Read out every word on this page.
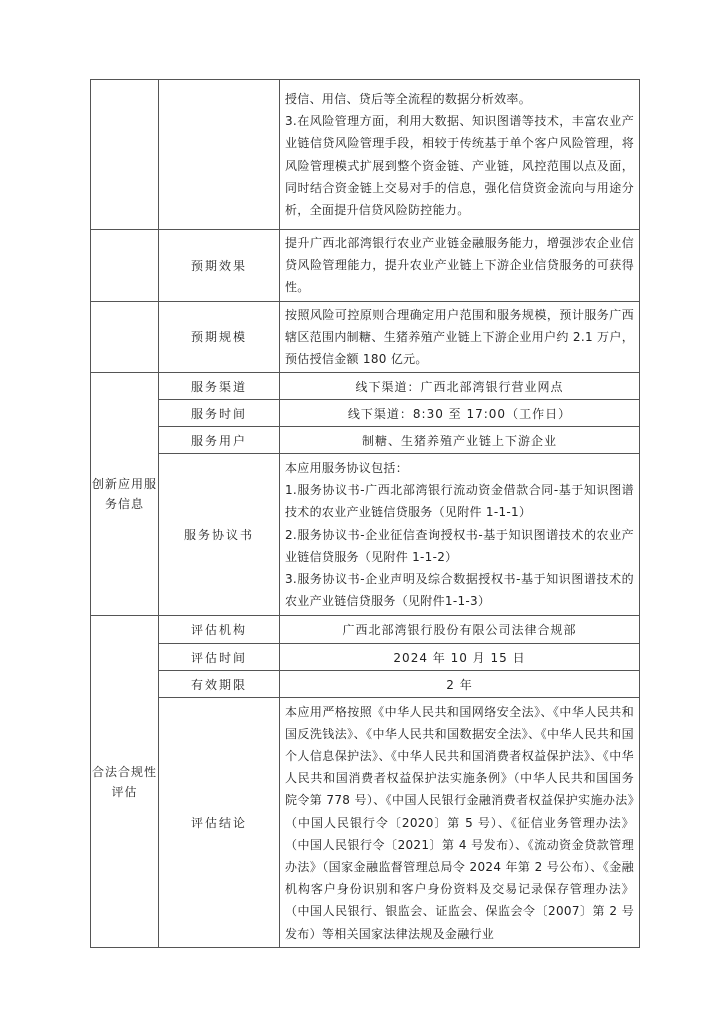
		授信、用信、贷后等全流程的数据分析效率。

3.在风险管理方面，利用大数据、知识图谱等技术，丰富农业产业链信贷风险管理手段，相较于传统基于单个客户风险管理，将风险管理模式扩展到整个资金链、产业链，风控范围以点及面，同时结合资金链上交易对手的信息，强化信贷资金流向与用途分析，全面提升信贷风险防控能力。

	预期效果	提升广西北部湾银行农业产业链金融服务能力，增强涉农企业信贷风险管理能力，提升农业产业链上下游企业信贷服务的可获得性。
	预期规模	按照风险可控原则合理确定用户范围和服务规模，预计服务广西辖区范围内制糖、生猪养殖产业链上下游企业用户约 2.1 万户，预估授信金额 180 亿元。
创新应用服务信息	服务渠道	线下渠道：广西北部湾银行营业网点
	服务时间	线下渠道：8:30 至 17:00（工作日）
	服务用户	制糖、生猪养殖产业链上下游企业
	服务协议书	本应用服务协议包括：

1.服务协议书-广西北部湾银行流动资金借款合同-基于知识图谱技术的农业产业链信贷服务（见附件 1-1-1）

2.服务协议书-企业征信查询授权书-基于知识图谱技术的农业产业链信贷服务（见附件 1-1-2）

3.服务协议书-企业声明及综合数据授权书-基于知识图谱技术的农业产业链信贷服务（见附件1-1-3）

合法合规性评估	评估机构	广西北部湾银行股份有限公司法律合规部
	评估时间	2024 年 10 月 15 日
	有效期限	2 年
	评估结论	本应用严格按照《中华人民共和国网络安全法》、《中华人民共和国反洗钱法》、《中华人民共和国数据安全法》、《中华人民共和国个人信息保护法》、《中华人民共和国消费者权益保护法》、《中华人民共和国消费者权益保护法实施条例》（中华人民共和国国务院令第 778 号）、《中国人民银行金融消费者权益保护实施办法》（中国人民银行令〔2020〕第 5 号）、《征信业务管理办法》（中国人民银行令〔2021〕第 4 号发布）、《流动资金贷款管理办法》（国家金融监督管理总局令 2024 年第 2 号公布）、《金融机构客户身份识别和客户身份资料及交易记录保存管理办法》（中国人民银行、银监会、证监会、保监会令〔2007〕第 2 号发布）等相关国家法律法规及金融行业
